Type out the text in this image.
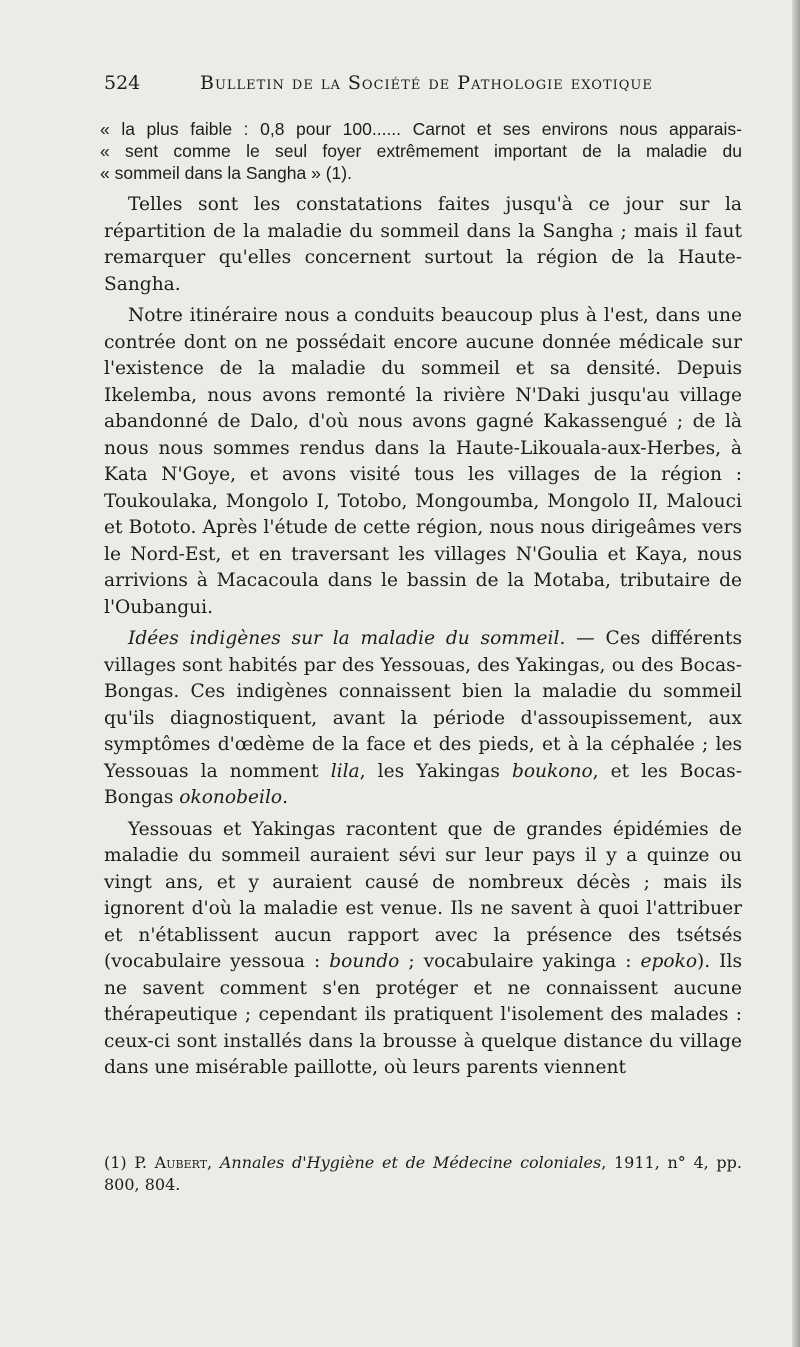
524	Bulletin de la Société de Pathologie exotique
« la plus faible : 0,8 pour 100...... Carnot et ses environs nous apparais-
« sent comme le seul foyer extrêmement important de la maladie du
« sommeil dans la Sangha » (1).

Telles sont les constatations faites jusqu'à ce jour sur la répartition de la maladie du sommeil dans la Sangha ; mais il faut remarquer qu'elles concernent surtout la région de la Haute-Sangha.

Notre itinéraire nous a conduits beaucoup plus à l'est, dans une contrée dont on ne possédait encore aucune donnée médicale sur l'existence de la maladie du sommeil et sa densité. Depuis Ikelemba, nous avons remonté la rivière N'Daki jusqu'au village abandonné de Dalo, d'où nous avons gagné Kakassengué ; de là nous nous sommes rendus dans la Haute-Likouala-aux-Herbes, à Kata N'Goye, et avons visité tous les villages de la région : Toukoulaka, Mongolo I, Totobo, Mongoumba, Mongolo II, Malouci et Bototo. Après l'étude de cette région, nous nous dirigeâmes vers le Nord-Est, et en traversant les villages N'Goulia et Kaya, nous arrivions à Macacoula dans le bassin de la Motaba, tributaire de l'Oubangui.

Idées indigènes sur la maladie du sommeil. — Ces différents villages sont habités par des Yessouas, des Yakingas, ou des Bocas-Bongas. Ces indigènes connaissent bien la maladie du sommeil qu'ils diagnostiquent, avant la période d'assoupissement, aux symptômes d'œdème de la face et des pieds, et à la céphalée ; les Yessouas la nomment lila, les Yakingas boukono, et les Bocas-Bongas okonobeilo.

Yessouas et Yakingas racontent que de grandes épidémies de maladie du sommeil auraient sévi sur leur pays il y a quinze ou vingt ans, et y auraient causé de nombreux décès ; mais ils ignorent d'où la maladie est venue. Ils ne savent à quoi l'attribuer et n'établissent aucun rapport avec la présence des tsétsés (vocabulaire yessoua : boundo ; vocabulaire yakinga : epoko). Ils ne savent comment s'en protéger et ne connaissent aucune thérapeutique ; cependant ils pratiquent l'isolement des malades : ceux-ci sont installés dans la brousse à quelque distance du village dans une misérable paillotte, où leurs parents viennent

(1) P. Aubert, Annales d'Hygiène et de Médecine coloniales, 1911, n° 4, pp. 800, 804.
